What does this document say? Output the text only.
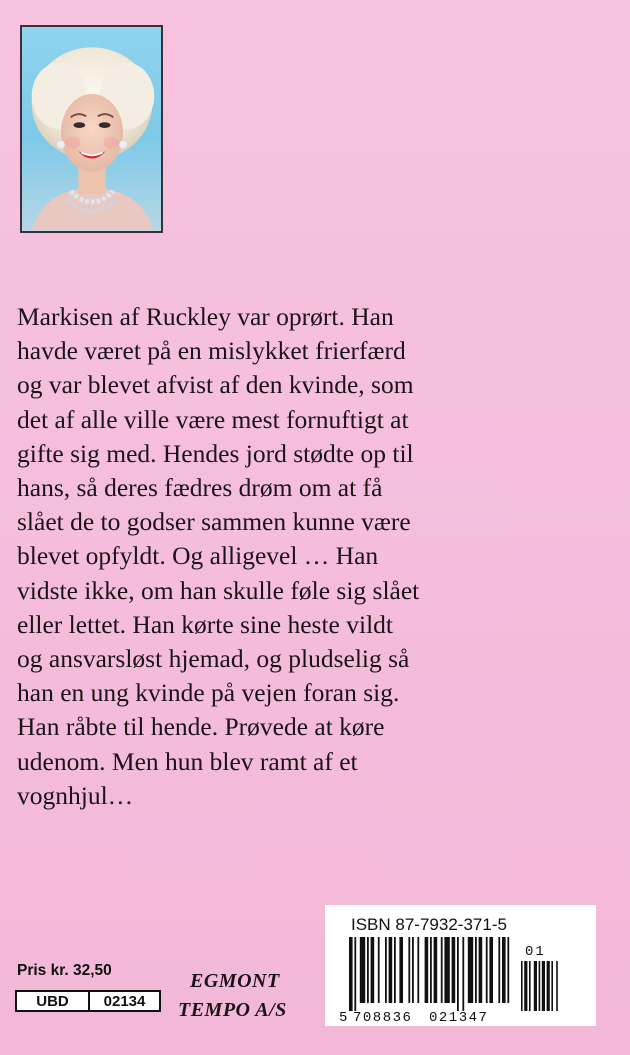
Markisen af Ruckley var oprørt. Han
havde været på en mislykket frierfærd
og var blevet afvist af den kvinde, som
det af alle ville være mest fornuftigt at
gifte sig med. Hendes jord stødte op til
hans, så deres fædres drøm om at få
slået de to godser sammen kunne være
blevet opfyldt. Og alligevel … Han
vidste ikke, om han skulle føle sig slået
eller lettet. Han kørte sine heste vildt
og ansvarsløst hjemad, og pludselig så
han en ung kvinde på vejen foran sig.
Han råbte til hende. Prøvede at køre
udenom. Men hun blev ramt af et
vognhjul…

ISBN 87-7932-371-5
5 708836 021347
01
Pris kr. 32,50
UBD	02134
EGMONT
TEMPO A/S
